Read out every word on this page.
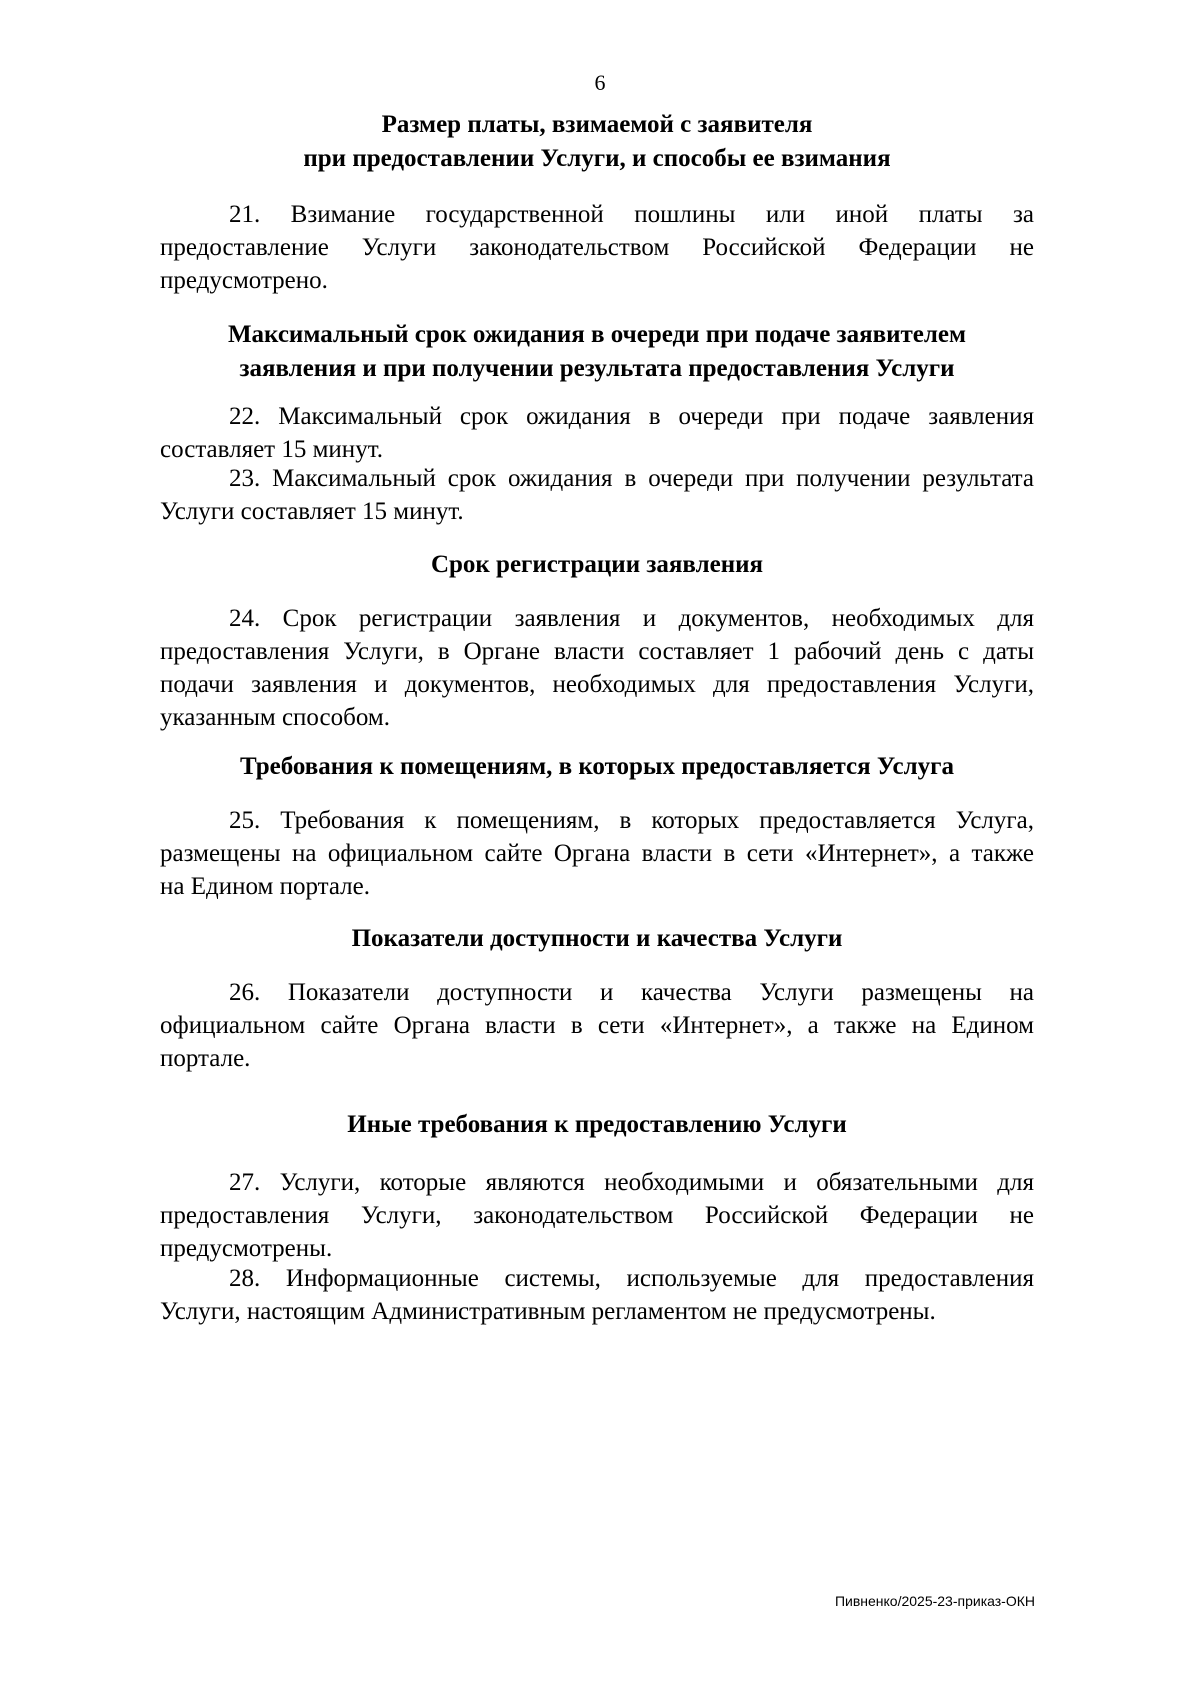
6
Размер платы, взимаемой с заявителя
при предоставлении Услуги, и способы ее взимания
21. Взимание государственной пошлины или иной платы за
предоставление Услуги законодательством Российской Федерации не
предусмотрено.
Максимальный срок ожидания в очереди при подаче заявителем
заявления и при получении результата предоставления Услуги
22. Максимальный срок ожидания в очереди при подаче заявления
составляет 15 минут.
23. Максимальный срок ожидания в очереди при получении результата
Услуги составляет 15 минут.
Срок регистрации заявления
24. Срок регистрации заявления и документов, необходимых для
предоставления Услуги, в Органе власти составляет 1 рабочий день с даты
подачи заявления и документов, необходимых для предоставления Услуги,
указанным способом.
Требования к помещениям, в которых предоставляется Услуга
25. Требования к помещениям, в которых предоставляется Услуга,
размещены на официальном сайте Органа власти в сети «Интернет», а также
на Едином портале.
Показатели доступности и качества Услуги
26. Показатели доступности и качества Услуги размещены на
официальном сайте Органа власти в сети «Интернет», а также на Едином
портале.
Иные требования к предоставлению Услуги
27. Услуги, которые являются необходимыми и обязательными для
предоставления Услуги, законодательством Российской Федерации не
предусмотрены.
28. Информационные системы, используемые для предоставления
Услуги, настоящим Административным регламентом не предусмотрены.
Пивненко/2025-23-приказ-ОКН
